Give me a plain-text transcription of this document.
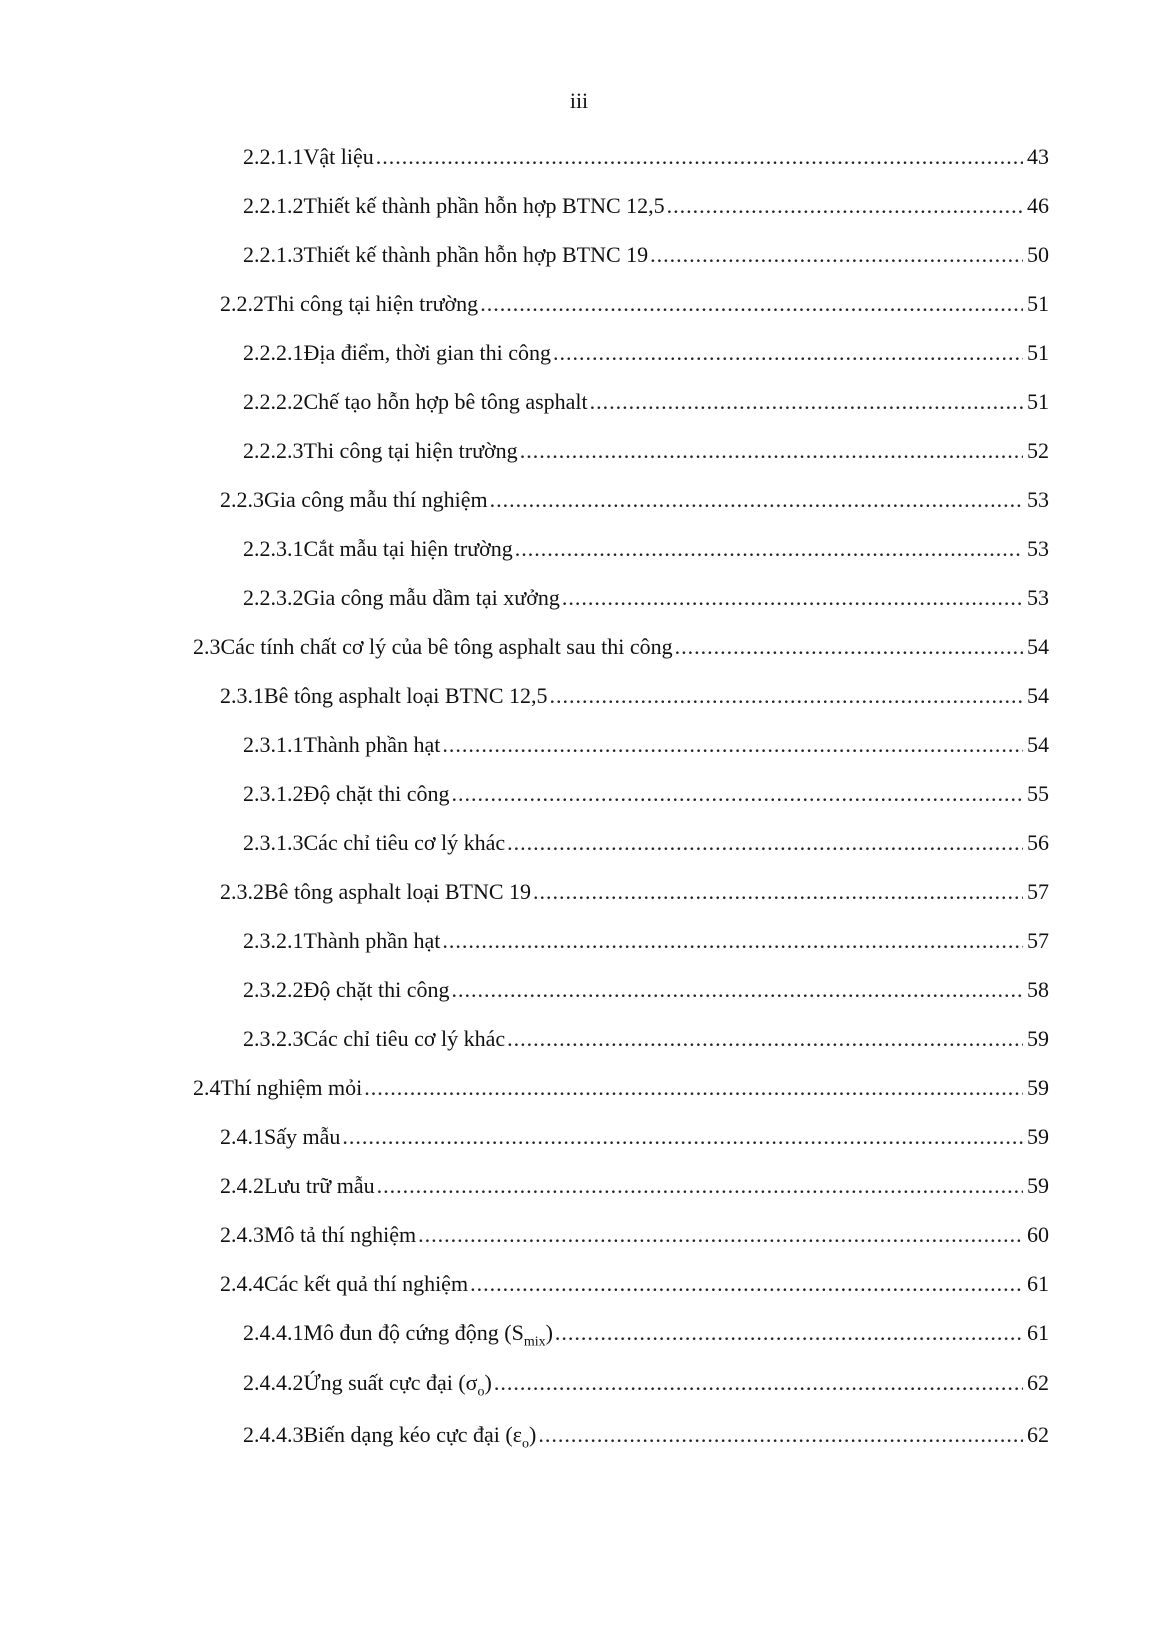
iii
2.2.1.1 Vật liệu .....	43
2.2.1.2 Thiết kế thành phần hỗn hợp BTNC 12,5 .....	46
2.2.1.3 Thiết kế thành phần hỗn hợp BTNC 19 .....	50
2.2.2 Thi công tại hiện trường .....	51
2.2.2.1 Địa điểm, thời gian thi công .....	51
2.2.2.2 Chế tạo hỗn hợp bê tông asphalt .....	51
2.2.2.3 Thi công tại hiện trường .....	52
2.2.3 Gia công mẫu thí nghiệm .....	53
2.2.3.1 Cắt mẫu tại hiện trường .....	53
2.2.3.2 Gia công mẫu dầm tại xưởng .....	53
2.3 Các tính chất cơ lý của bê tông asphalt sau thi công .....	54
2.3.1 Bê tông asphalt loại BTNC 12,5 .....	54
2.3.1.1 Thành phần hạt .....	54
2.3.1.2 Độ chặt thi công .....	55
2.3.1.3 Các chỉ tiêu cơ lý khác .....	56
2.3.2 Bê tông asphalt loại BTNC 19 .....	57
2.3.2.1 Thành phần hạt .....	57
2.3.2.2 Độ chặt thi công .....	58
2.3.2.3 Các chỉ tiêu cơ lý khác .....	59
2.4 Thí nghiệm mỏi .....	59
2.4.1 Sấy mẫu .....	59
2.4.2 Lưu trữ mẫu .....	59
2.4.3 Mô tả thí nghiệm .....	60
2.4.4 Các kết quả thí nghiệm .....	61
2.4.4.1 Mô đun độ cứng động $(S_{mix})$ .....	61
2.4.4.2 Ứng suất cực đại $(\sigma_o)$ .....	62
2.4.4.3 Biến dạng kéo cực đại $(\varepsilon_o)$ .....	62
